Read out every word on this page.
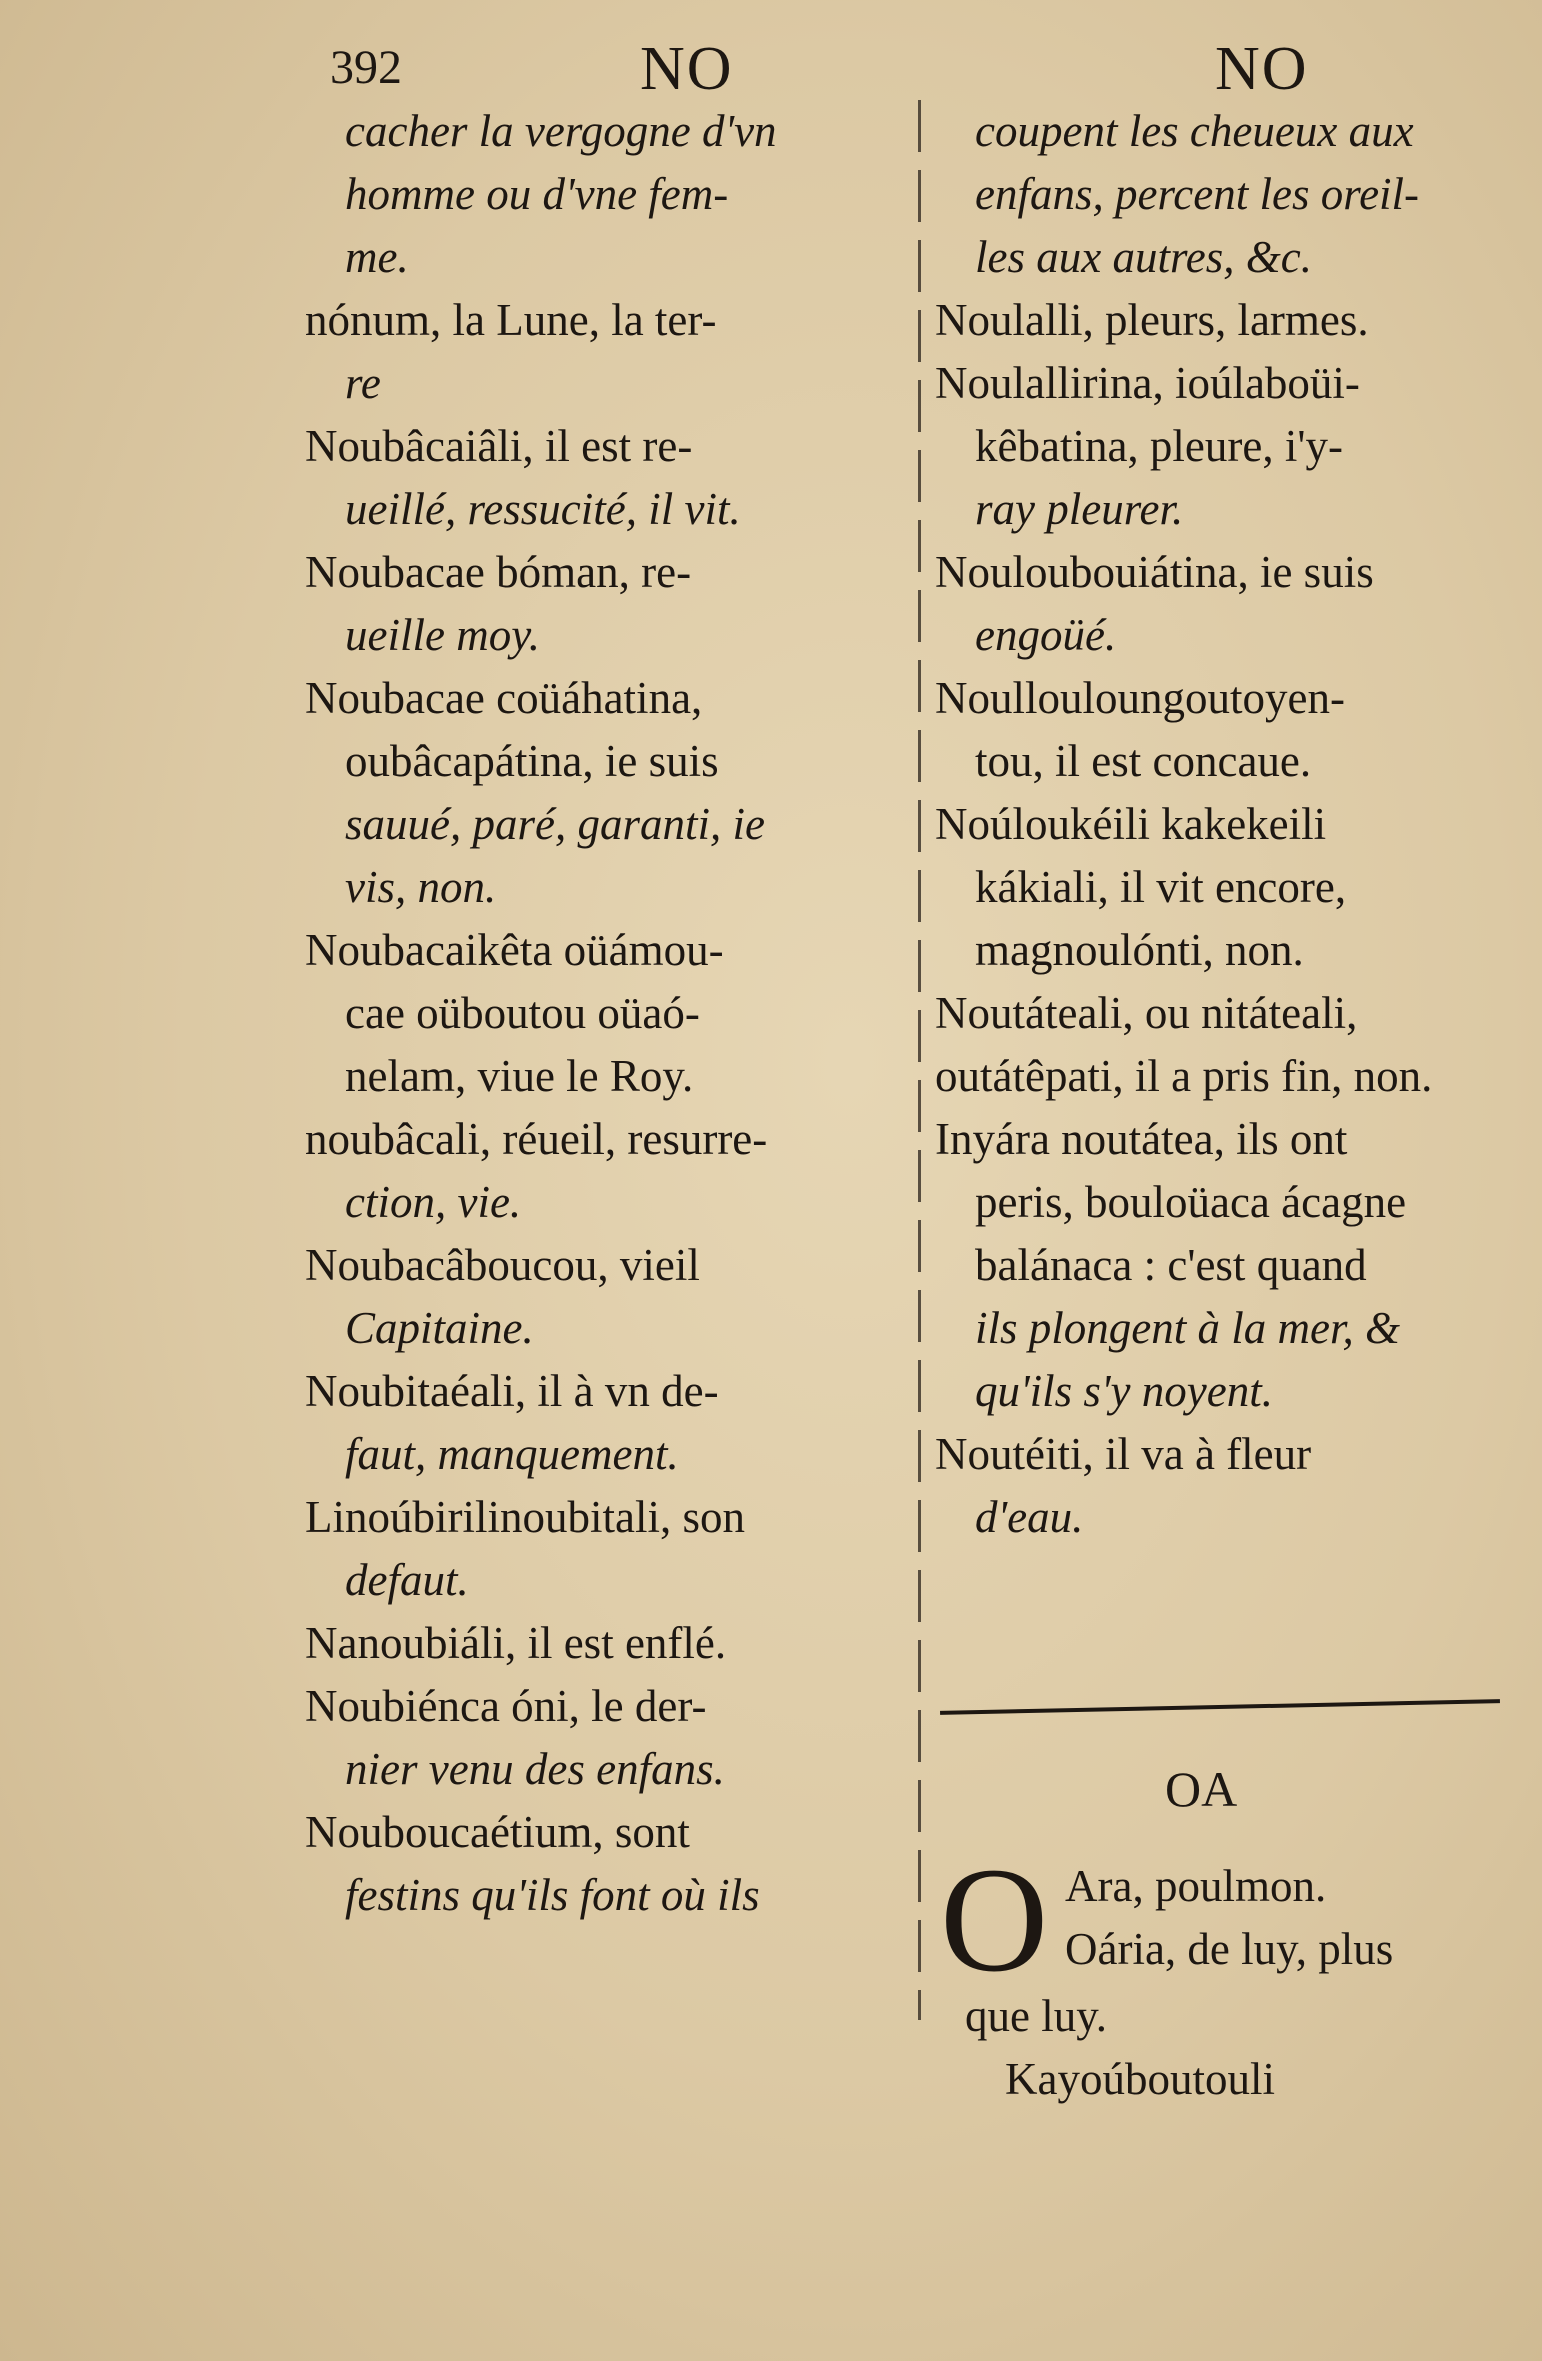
392	NO	NO
cacher la vergogne d'vn
homme ou d'vne fem-
me.
nónum, la Lune, la ter-
re
Noubâcaiâli, il est re-
ueillé, ressucité, il vit.
Noubacae bóman, re-
ueille moy.
Noubacae coüáhatina,
oubâcapátina, ie suis
sauué, paré, garanti, ie
vis, non.
Noubacaikêta oüámou-
cae oüboutou oüaó-
nelam, viue le Roy.
noubâcali, réueil, resurre-
ction, vie.
Noubacâboucou, vieil
Capitaine.
Noubitaéali, il à vn de-
faut, manquement.
Linoúbirilinoubitali, son
defaut.
Nanoubiáli, il est enflé.
Noubiénca óni, le der-
nier venu des enfans.
Nouboucaétium, sont
festins qu'ils font où ils
coupent les cheueux aux
enfans, percent les oreil-
les aux autres, &c.
Noulalli, pleurs, larmes.
Noulallirina, ioúlaboüi-
kêbatina, pleure, i'y-
ray pleurer.
Nouloubouiátina, ie suis
engoüé.
Noullouloungoutoyen-
tou, il est concaue.
Noúloukéili kakekeili
kákiali, il vit encore,
magnoulónti, non.
Noutáteali, ou nitáteali,
outátêpati, il a pris fin, non.
Inyára noutátea, ils ont
peris, bouloüaca ácagne
balánaca : c'est quand
ils plongent à la mer, &
qu'ils s'y noyent.
Noutéiti, il va à fleur
d'eau.
OA
O Ara, poulmon.
Oária, de luy, plus
que luy.
Kayoúboutouli
